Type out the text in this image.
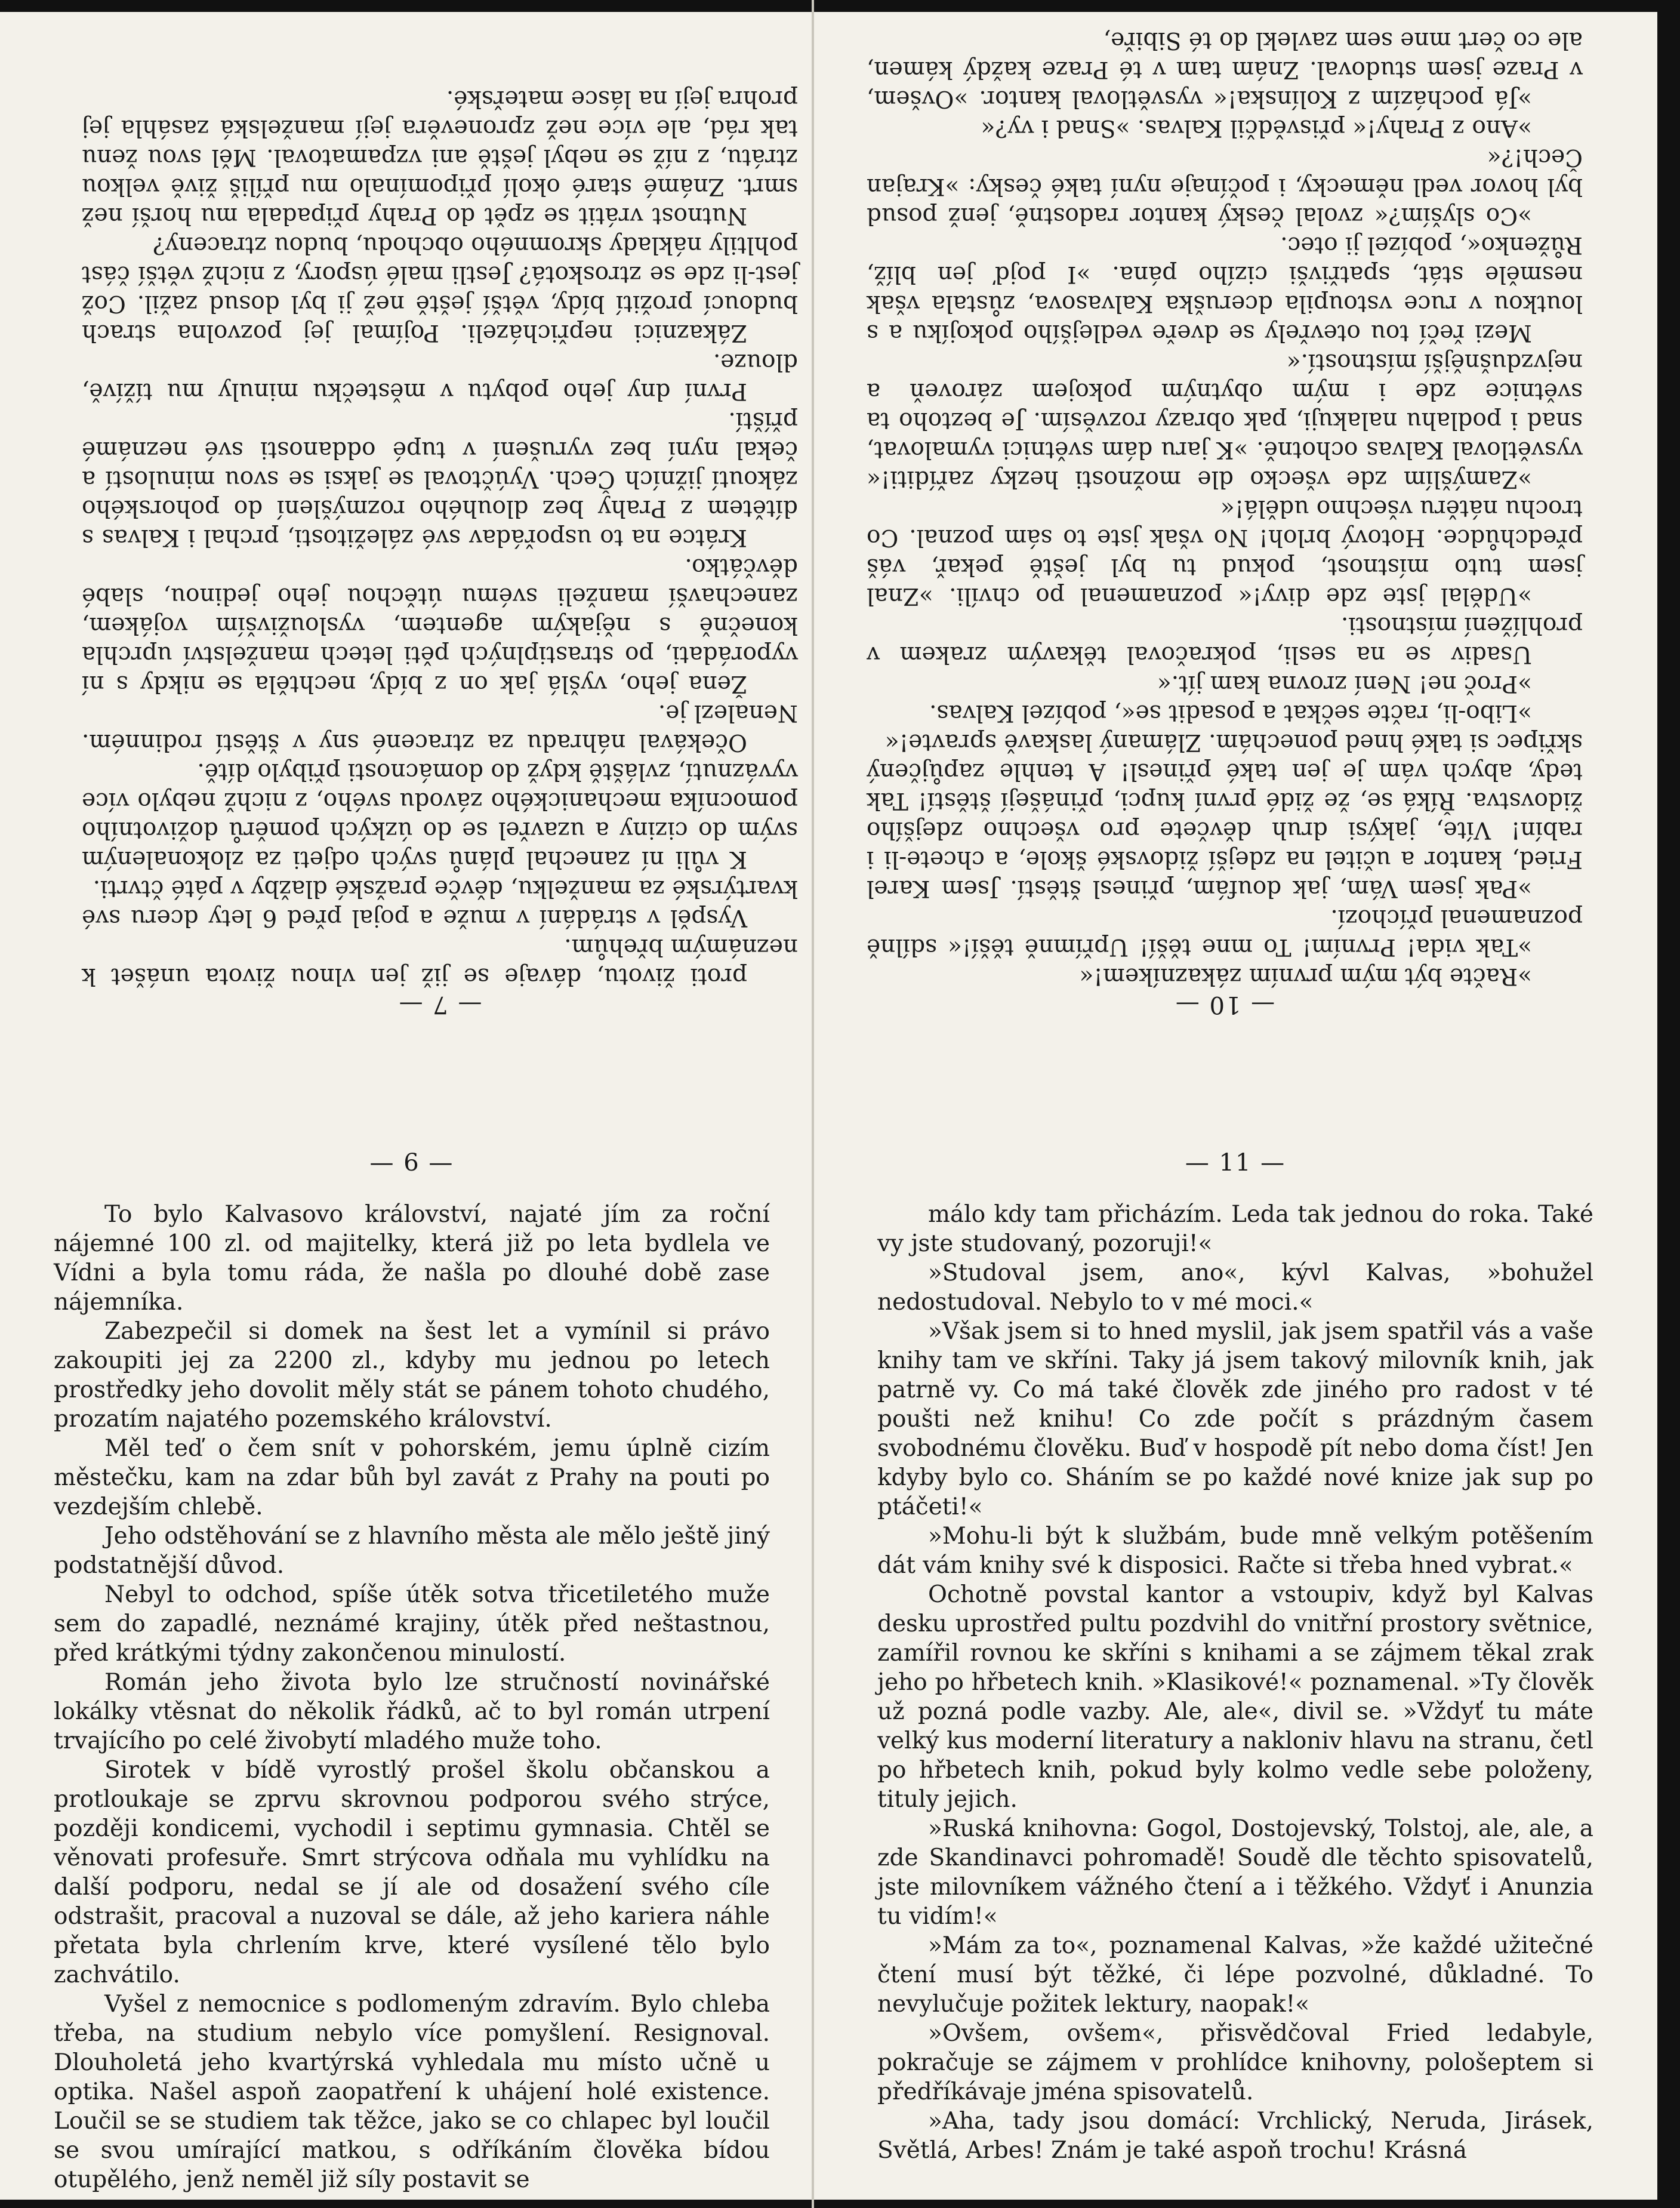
»Račte být mým prvním zákazníkem!«

»Tak vida! Prvním! To mne těší! Upřímně těší!« sdílně poznamenal příchozí.

»Pak jsem Vám, jak doufám, přinesl štěstí. Jsem Karel Fried, kantor a učitel na zdejší židovské škole, a chcete-li i rabín! Víte, jakýsi druh děvčete pro všechno zdejšího židovstva. Říká se, že židé první kupci, přinášejí štěstí! Tak tedy, abych vám je jen také přinesl! A tenhle zapůjčený skřipec si také hned ponechám. Zlámaný laskavě spravte!«

»Libo-li, račte sečkat a posadit se«, pobízel Kalvas.

»Proč ne! Není zrovna kam jít.«

Usadiv se na sesli, pokračoval těkavým zrakem v prohlížení místnosti.

»Udělal jste zde divy!« poznamenal po chvíli. »Znal jsem tuto místnost, pokud tu byl ještě pekař, váš předchůdce. Hotový brloh! No však jste to sám poznal. Co trochu nátěru všechno udělá!«

»Zamýšlím zde všecko dle možnosti hezky zaříditi!« vysvětloval Kalvas ochotně. »K jaru dám světnici vymalovat, snad i podlahu nalakuji, pak obrazy rozvěsím. Je beztoho ta světnice zde i mým obytným pokojem zároveň a nejvzdušnější místností.«

Mezi řečí tou otevřely se dveře vedlejšího pokojíku a s loutkou v ruce vstoupila dceruška Kalvasova, zůstala však nesměle stát, spatřivši cizího pána. »I pojď jen blíž, Růženko«, pobízel ji otec.

»Co slyším?« zvolal český kantor radostně, jenž posud byl hovor vedl německy, i počínaje nyní také česky: »Krajan Čech!?«

»Ano z Prahy!« přisvědčil Kalvas. »Snad i vy?«

»Já pocházím z Kolínska!« vysvětloval kantor. »Ovšem, v Praze jsem studoval. Znám tam v té Praze každý kámen, ale co čert mne sem zavlekl do té Sibiře,

— 10 —

proti životu, dávaje se již jen vlnou života unášet k neznámým břehům.

Vyspěl v strádání v muže a pojal před 6 lety dceru své kvartýrské za manželku, děvče pražské dlažby v páté čtvrti.

K vůli ní zanechal plánů svých odjeti za zlokonaleným svým do ciziny a uzavřel se do úzkých poměrů doživotního pomocníka mechanického závodu svého, z nichž nebylo více vyváznutí, zvláště když do domácnosti přibylo dítě.

Očekával náhradu za ztracené sny v štěstí rodinném. Nenalezl je.

Žena jeho, vyšlá jak on z bídy, nechtěla se nikdy s ní vyporádati, po strastiplných pěti letech manželství uprchla konečně s nějakým agentem, vyslouživším vojákem, zanechavší manželi svému útěchou jeho jedinou, slabé děvčátko.

Krátce na to uspořádav své záležitosti, prchal i Kalvas s dítětem z Prahy bez dlouhého rozmýšlení do pohorského zákoutí jižních Čech. Vyúčtoval se jaksi se svou minulostí a čekal nyní bez vyrušení v tupé oddanosti své neznámé příští.

První dny jeho pobytu v městečku minuly mu tížívě, dlouze.

Zákaznici nepřicházeli. Pojímal jej pozvolna strach budoucí prožití bídy, větší ještě než ji byl dosud zažil. Což jest-li zde se ztroskotá? Jestli malé úspory, z nichž větší část pohltily náklady skromného obchodu, budou ztraceny?

Nutnost vrátit se zpět do Prahy připadala mu horší než smrt. Známé staré okolí připomínalo mu příliš živě velkou ztrátu, z níž se nebyl ještě ani vzpamatoval. Měl svou ženu tak rád, ale více než zpronevěra její manželská zasáhla jej prohra její na lásce mateřské.

— 7 —
— 6 —

To bylo Kalvasovo království, najaté jím za roční nájemné 100 zl. od majitelky, která již po leta bydlela ve Vídni a byla tomu ráda, že našla po dlouhé době zase nájemníka.

Zabezpečil si domek na šest let a vymínil si právo zakoupiti jej za 2200 zl., kdyby mu jednou po letech prostředky jeho dovolit měly stát se pánem tohoto chudého, prozatím najatého pozemského království.

Měl teď o čem snít v pohorském, jemu úplně cizím městečku, kam na zdar bůh byl zavát z Prahy na pouti po vezdejším chlebě.

Jeho odstěhování se z hlavního města ale mělo ještě jiný podstatnější důvod.

Nebyl to odchod, spíše útěk sotva třicetiletého muže sem do zapadlé, neznámé krajiny, útěk před neštastnou, před krátkými týdny zakončenou minulostí.

Román jeho života bylo lze stručností novinářské lokálky vtěsnat do několik řádků, ač to byl román utrpení trvajícího po celé živobytí mladého muže toho.

Sirotek v bídě vyrostlý prošel školu občanskou a protloukaje se zprvu skrovnou podporou svého strýce, později kondicemi, vychodil i septimu gymnasia. Chtěl se věnovati profesuře. Smrt strýcova odňala mu vyhlídku na další podporu, nedal se jí ale od dosažení svého cíle odstrašit, pracoval a nuzoval se dále, až jeho kariera náhle přetata byla chrlením krve, které vysílené tělo bylo zachvátilo.

Vyšel z nemocnice s podlomeným zdravím. Bylo chleba třeba, na studium nebylo více pomyšlení. Resignoval. Dlouholetá jeho kvartýrská vyhledala mu místo učně u optika. Našel aspoň zaopatření k uhájení holé existence. Loučil se se studiem tak těžce, jako se co chlapec byl loučil se svou umírající matkou, s odříkáním člověka bídou otupělého, jenž neměl již síly postavit se

— 11 —

málo kdy tam přicházím. Leda tak jednou do roka. Také vy jste studovaný, pozoruji!«

»Studoval jsem, ano«, kývl Kalvas, »bohužel nedostudoval. Nebylo to v mé moci.«

»Však jsem si to hned myslil, jak jsem spatřil vás a vaše knihy tam ve skříni. Taky já jsem takový milovník knih, jak patrně vy. Co má také člověk zde jiného pro radost v té poušti než knihu! Co zde počít s prázdným časem svobodnému člověku. Buď v hospodě pít nebo doma číst! Jen kdyby bylo co. Sháním se po každé nové knize jak sup po ptáčeti!«

»Mohu-li být k službám, bude mně velkým potěšením dát vám knihy své k disposici. Račte si třeba hned vybrat.«

Ochotně povstal kantor a vstoupiv, když byl Kalvas desku uprostřed pultu pozdvihl do vnitřní prostory světnice, zamířil rovnou ke skříni s knihami a se zájmem těkal zrak jeho po hřbetech knih. »Klasikové!« poznamenal. »Ty člověk už pozná podle vazby. Ale, ale«, divil se. »Vždyť tu máte velký kus moderní literatury a nakloniv hlavu na stranu, četl po hřbetech knih, pokud byly kolmo vedle sebe položeny, tituly jejich.

»Ruská knihovna: Gogol, Dostojevský, Tolstoj, ale, ale, a zde Skandinavci pohromadě! Soudě dle těchto spisovatelů, jste milovníkem vážného čtení a i těžkého. Vždyť i Anunzia tu vidím!«

»Mám za to«, poznamenal Kalvas, »že každé užitečné čtení musí být těžké, či lépe pozvolné, důkladné. To nevylučuje požitek lektury, naopak!«

»Ovšem, ovšem«, přisvědčoval Fried ledabyle, pokračuje se zájmem v prohlídce knihovny, pološeptem si předříkávaje jména spisovatelů.

»Aha, tady jsou domácí: Vrchlický, Neruda, Jirásek, Světlá, Arbes! Znám je také aspoň trochu! Krásná
